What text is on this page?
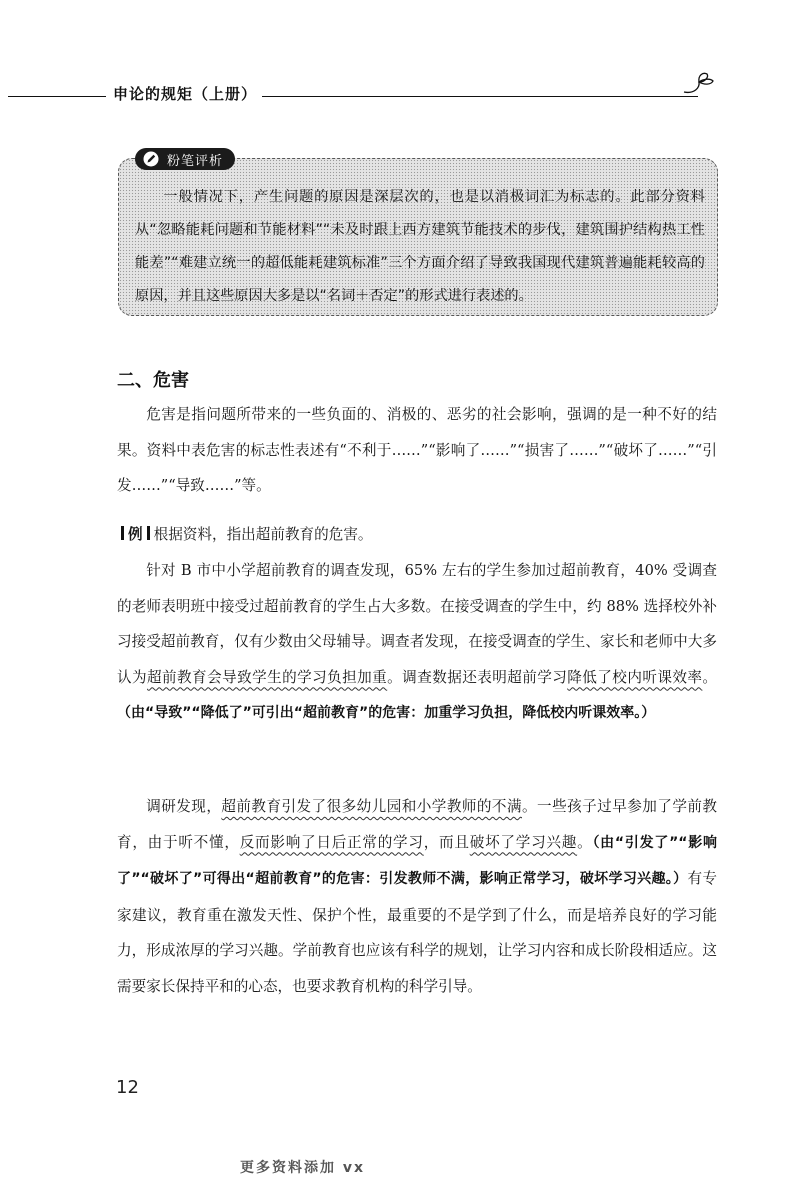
申论的规矩（上册）
粉笔评析
一般情况下，产生问题的原因是深层次的，也是以消极词汇为标志的。此部分资料从“忽略能耗问题和节能材料”“未及时跟上西方建筑节能技术的步伐，建筑围护结构热工性能差”“难建立统一的超低能耗建筑标准”三个方面介绍了导致我国现代建筑普遍能耗较高的原因，并且这些原因大多是以“名词＋否定”的形式进行表述的。
二、危害
危害是指问题所带来的一些负面的、消极的、恶劣的社会影响，强调的是一种不好的结果。资料中表危害的标志性表述有“不利于……”“影响了……”“损害了……”“破坏了……”“引发……”“导致……”等。
例 根据资料，指出超前教育的危害。
针对 B 市中小学超前教育的调查发现，65% 左右的学生参加过超前教育，40% 受调查的老师表明班中接受过超前教育的学生占大多数。在接受调查的学生中，约 88% 选择校外补习接受超前教育，仅有少数由父母辅导。调查者发现，在接受调查的学生、家长和老师中大多认为超前教育会导致学生的学习负担加重。调查数据还表明超前学习降低了校内听课效率。（由“导致”“降低了”可引出“超前教育”的危害：加重学习负担，降低校内听课效率。）
调研发现，超前教育引发了很多幼儿园和小学教师的不满。一些孩子过早参加了学前教育，由于听不懂，反而影响了日后正常的学习，而且破坏了学习兴趣。（由“引发了”“影响了”“破坏了”可得出“超前教育”的危害：引发教师不满，影响正常学习，破坏学习兴趣。）有专家建议，教育重在激发天性、保护个性，最重要的不是学到了什么，而是培养良好的学习能力，形成浓厚的学习兴趣。学前教育也应该有科学的规划，让学习内容和成长阶段相适应。这需要家长保持平和的心态，也要求教育机构的科学引导。
12
更多资料添加 vx
